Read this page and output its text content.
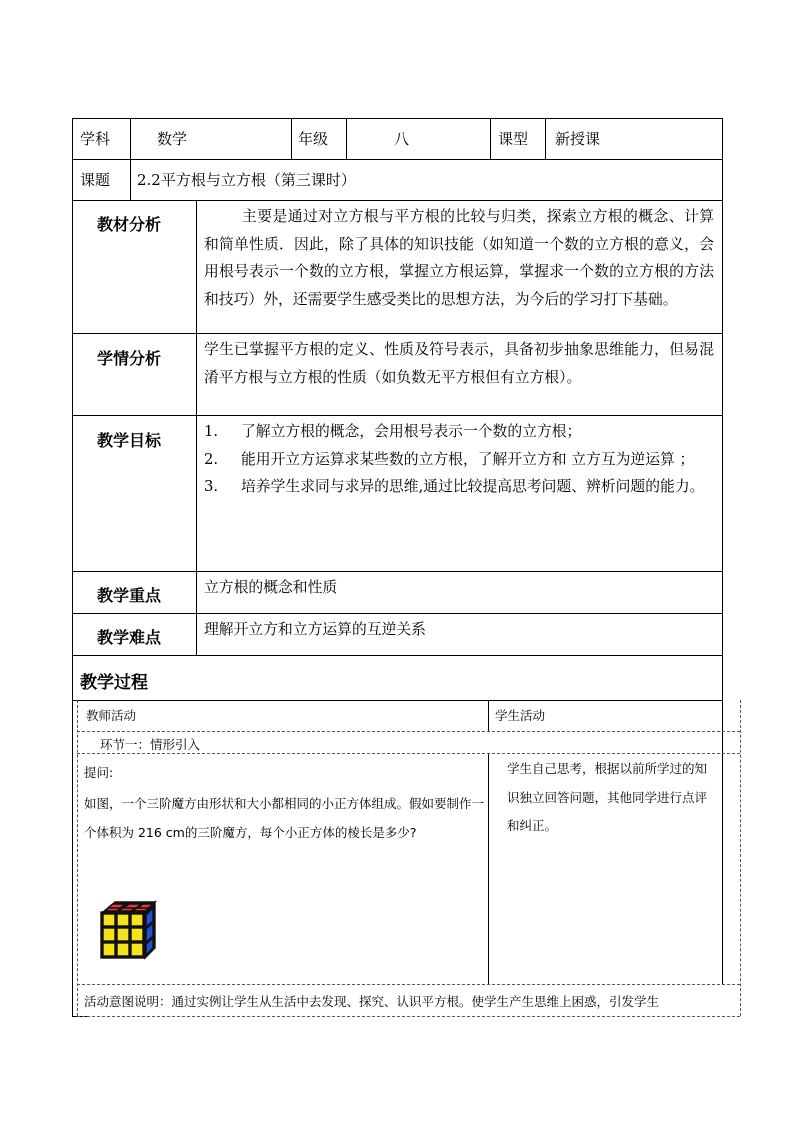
学科	数学	年级	八	课型 新授课
课题 2.2平方根与立方根（第三课时）
教材分析	主要是通过对立方根与平方根的比较与归类，探索立方根的概念、计算和简单性质．因此，除了具体的知识技能（如知道一个数的立方根的意义，会用根号表示一个数的立方根，掌握立方根运算，掌握求一个数的立方根的方法和技巧）外，还需要学生感受类比的思想方法，为今后的学习打下基础。
学情分析	学生已掌握平方根的定义、性质及符号表示，具备初步抽象思维能力，但易混淆平方根与立方根的性质（如负数无平方根但有立方根）。
教学目标	1.	了解立方根的概念，会用根号表示一个数的立方根；

2. 能用开立方运算求某些数的立方根，了解开立方和 立方互为逆运算 ；

3. 培养学生求同与求异的思维,通过比较提高思考问题、辨析问题的能力。

教学重点	立方根的概念和性质
教学难点	理解开立方和立方运算的互逆关系
教学过程
教师活动	学生活动
环节一：情形引入
提问:
如图，一个三阶魔方由形状和大小都相同的小正方体组成。假如要制作一个体积为 216 cm的三阶魔方，每个小正方体的棱长是多少?
学生自己思考，根据以前所学过的知识独立回答问题，其他同学进行点评和纠正。
活动意图说明：通过实例让学生从生活中去发现、探究、认识平方根。使学生产生思维上困惑，引发学生
